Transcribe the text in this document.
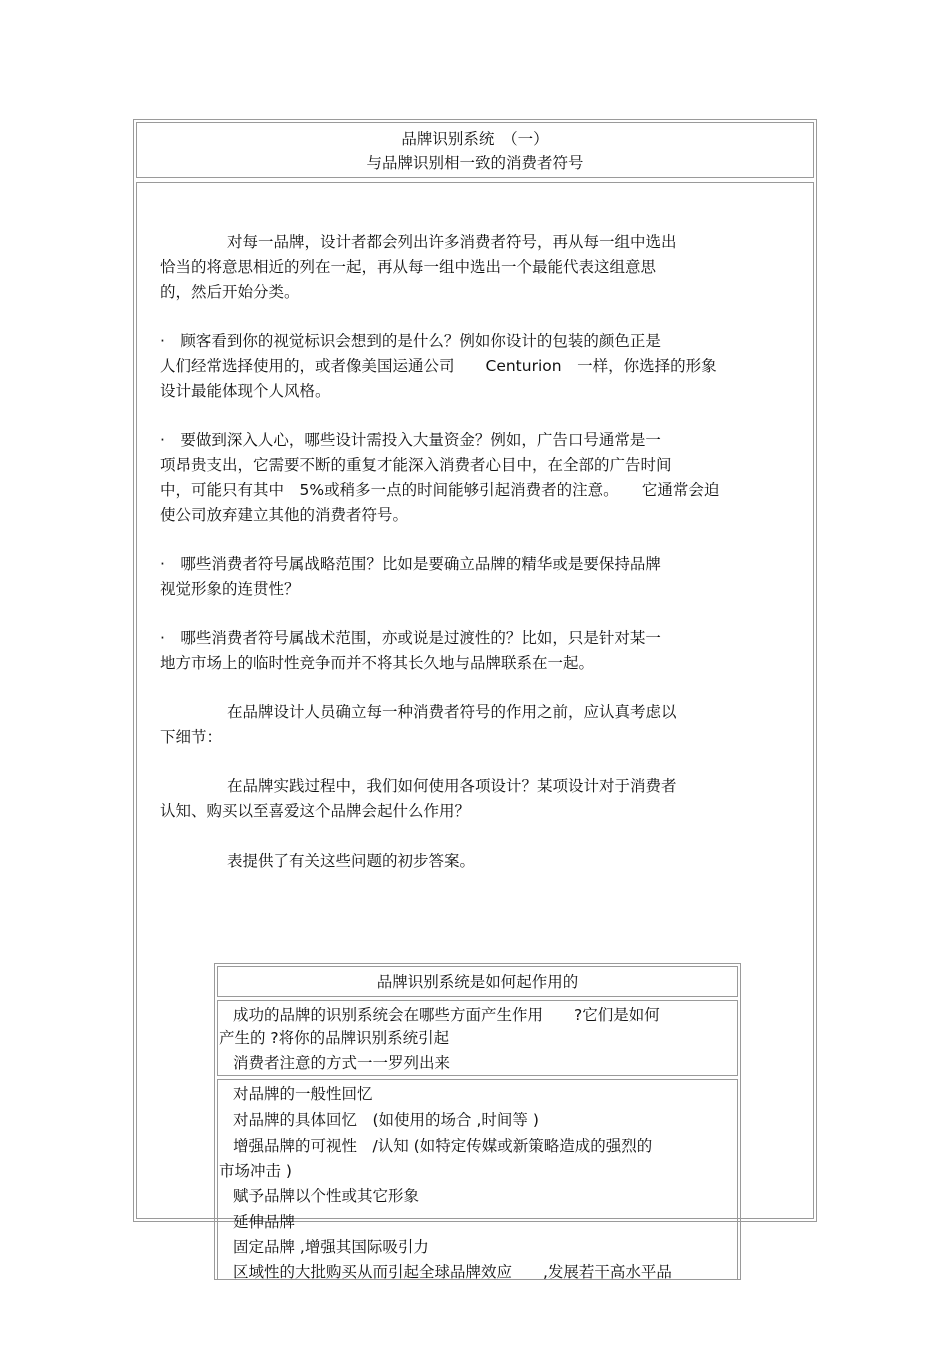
品牌识别系统　（一）
与品牌识别相一致的消费者符号
对每一品牌，设计者都会列出许多消费者符号，再从每一组中选出
恰当的将意思相近的列在一起，再从每一组中选出一个最能代表这组意思
的，然后开始分类。
·　顾客看到你的视觉标识会想到的是什么？例如你设计的包装的颜色正是
人们经常选择使用的，或者像美国运通公司　　Centurion　一样，你选择的形象
设计最能体现个人风格。
·　要做到深入人心，哪些设计需投入大量资金？例如，广告口号通常是一
项昂贵支出，它需要不断的重复才能深入消费者心目中，在全部的广告时间
中，可能只有其中　5%或稍多一点的时间能够引起消费者的注意。　　它通常会迫
使公司放弃建立其他的消费者符号。
·　哪些消费者符号属战略范围？比如是要确立品牌的精华或是要保持品牌
视觉形象的连贯性？
·　哪些消费者符号属战术范围，亦或说是过渡性的？比如，只是针对某一
地方市场上的临时性竞争而并不将其长久地与品牌联系在一起。
在品牌设计人员确立每一种消费者符号的作用之前，应认真考虑以
下细节：
在品牌实践过程中，我们如何使用各项设计？某项设计对于消费者
认知、购买以至喜爱这个品牌会起什么作用？
表提供了有关这些问题的初步答案。
品牌识别系统是如何起作用的
成功的品牌的识别系统会在哪些方面产生作用　　?它们是如何
产生的 ?将你的品牌识别系统引起
消费者注意的方式一一罗列出来
对品牌的一般性回忆
对品牌的具体回忆　(如使用的场合 ,时间等 )
增强品牌的可视性　/认知 (如特定传媒或新策略造成的强烈的
市场冲击 )
赋予品牌以个性或其它形象
延伸品牌
固定品牌 ,增强其国际吸引力
区域性的大批购买从而引起全球品牌效应　　,发展若干高水平品
